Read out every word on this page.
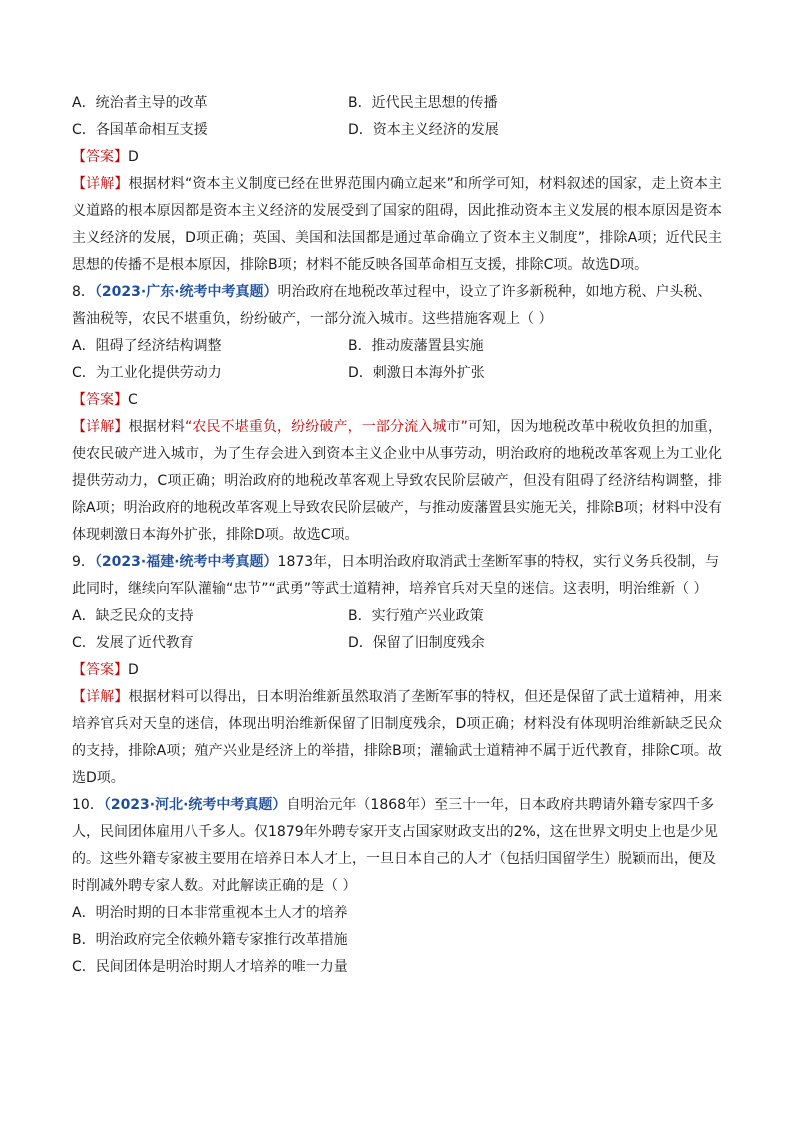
A．统治者主导的改革	B．近代民主思想的传播
C．各国革命相互支援	D．资本主义经济的发展
【答案】D
【详解】根据材料“资本主义制度已经在世界范围内确立起来”和所学可知，材料叙述的国家，走上资本主义道路的根本原因都是资本主义经济的发展受到了国家的阻碍，因此推动资本主义发展的根本原因是资本主义经济的发展，D项正确；英国、美国和法国都是通过革命确立了资本主义制度”，排除A项；近代民主思想的传播不是根本原因，排除B项；材料不能反映各国革命相互支援，排除C项。故选D项。
8．（2023·广东·统考中考真题）明治政府在地税改革过程中，设立了许多新税种，如地方税、户头税、酱油税等，农民不堪重负，纷纷破产，一部分流入城市。这些措施客观上（ ）
A．阻碍了经济结构调整	B．推动废藩置县实施
C．为工业化提供劳动力	D．刺激日本海外扩张
【答案】C
【详解】根据材料“农民不堪重负，纷纷破产，一部分流入城市”可知，因为地税改革中税收负担的加重，使农民破产进入城市，为了生存会进入到资本主义企业中从事劳动，明治政府的地税改革客观上为工业化提供劳动力，C项正确；明治政府的地税改革客观上导致农民阶层破产，但没有阻碍了经济结构调整，排除A项；明治政府的地税改革客观上导致农民阶层破产，与推动废藩置县实施无关，排除B项；材料中没有体现刺激日本海外扩张，排除D项。故选C项。
9．（2023·福建·统考中考真题）1873年，日本明治政府取消武士垄断军事的特权，实行义务兵役制，与此同时，继续向军队灌输“忠节”“武勇”等武士道精神，培养官兵对天皇的迷信。这表明，明治维新（ ）
A．缺乏民众的支持	B．实行殖产兴业政策
C．发展了近代教育	D．保留了旧制度残余
【答案】D
【详解】根据材料可以得出，日本明治维新虽然取消了垄断军事的特权，但还是保留了武士道精神，用来培养官兵对天皇的迷信，体现出明治维新保留了旧制度残余，D项正确；材料没有体现明治维新缺乏民众的支持，排除A项；殖产兴业是经济上的举措，排除B项；灌输武士道精神不属于近代教育，排除C项。故选D项。
10．（2023·河北·统考中考真题）自明治元年（1868年）至三十一年，日本政府共聘请外籍专家四千多人，民间团体雇用八千多人。仅1879年外聘专家开支占国家财政支出的2%，这在世界文明史上也是少见的。这些外籍专家被主要用在培养日本人才上，一旦日本自己的人才（包括归国留学生）脱颖而出，便及时削减外聘专家人数。对此解读正确的是（ ）
A．明治时期的日本非常重视本土人才的培养
B．明治政府完全依赖外籍专家推行改革措施
C．民间团体是明治时期人才培养的唯一力量
